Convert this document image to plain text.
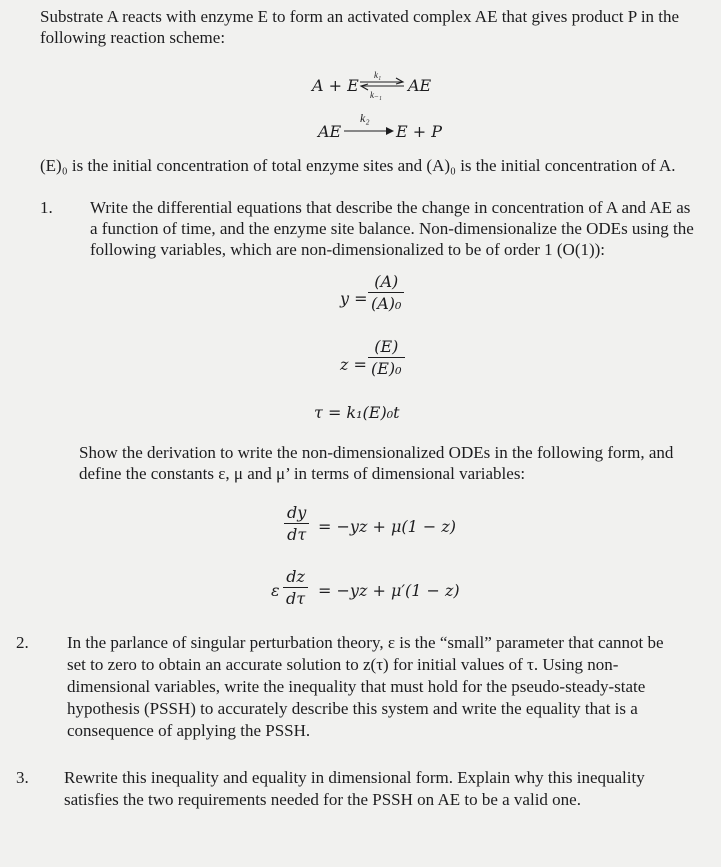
Substrate A reacts with enzyme E to form an activated complex AE that gives product P in the
following reaction scheme:
A + E ⇌
k₁
k₋₁ AE
AE
k₂
E + P
(E)₀ is the initial concentration of total enzyme sites and (A)₀ is the initial concentration of A.
1. Write the differential equations that describe the change in concentration of A and AE as
a function of time, and the enzyme site balance. Non-dimensionalize the ODEs using the
following variables, which are non-dimensionalized to be of order 1 (O(1)):
$y = \frac{(A)}{\text{(A)₀}}$
$z = \frac{(E)}{\text{(E)₀}}$
τ = k₁(E)₀t
Show the derivation to write the non-dimensionalized ODEs in the following form, and
define the constants ε, μ and μ’ in terms of dimensional variables:
$\frac{dy}{d\tau} = -yz + \mu(1 - z)$
ε $\frac{dz}{d\tau} = -yz + \mu'(1 - z)$
2. In the parlance of singular perturbation theory, ε is the “small” parameter that cannot be
set to zero to obtain an accurate solution to z(τ) for initial values of τ. Using non-
dimensional variables, write the inequality that must hold for the pseudo-steady-state
hypothesis (PSSH) to accurately describe this system and write the equality that is a
consequence of applying the PSSH.
3. Rewrite this inequality and equality in dimensional form. Explain why this inequality
satisfies the two requirements needed for the PSSH on AE to be a valid one.
